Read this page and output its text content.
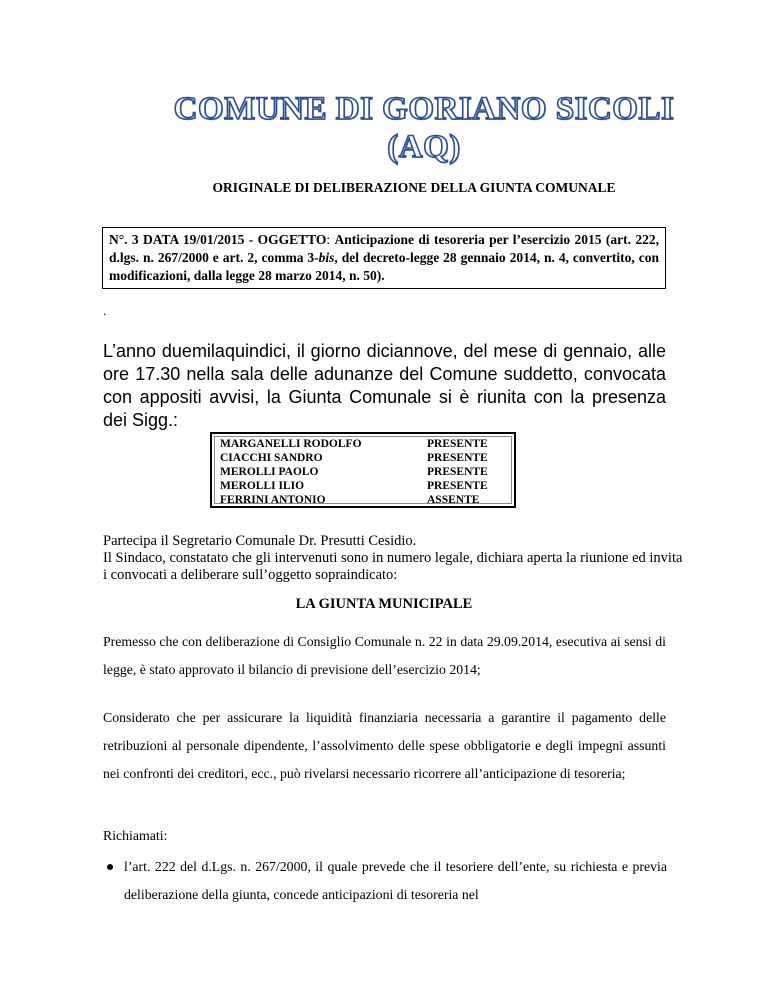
COMUNE DI GORIANO SICOLI
(AQ)
ORIGINALE DI DELIBERAZIONE DELLA GIUNTA COMUNALE
N°. 3 DATA 19/01/2015 - OGGETTO: Anticipazione di tesoreria per l’esercizio 2015 (art. 222, d.lgs. n. 267/2000 e art. 2, comma 3-bis, del decreto-legge 28 gennaio 2014, n. 4, convertito, con modificazioni, dalla legge 28 marzo 2014, n. 50).
.
L’anno duemilaquindici, il giorno diciannove, del mese di gennaio, alle ore 17.30 nella sala delle adunanze del Comune suddetto, convocata con appositi avvisi, la Giunta Comunale si è riunita con la presenza dei Sigg.:
MARGANELLI RODOLFO	PRESENTE
CIACCHI SANDRO	PRESENTE
MEROLLI PAOLO	PRESENTE
MEROLLI ILIO	PRESENTE
FERRINI ANTONIO	ASSENTE
Partecipa il Segretario Comunale Dr. Presutti Cesidio.
Il Sindaco, constatato che gli intervenuti sono in numero legale, dichiara aperta la riunione ed invita i convocati a deliberare sull’oggetto sopraindicato:
LA GIUNTA MUNICIPALE
Premesso che con deliberazione di Consiglio Comunale n. 22 in data 29.09.2014, esecutiva ai sensi di legge, è stato approvato il bilancio di previsione dell’esercizio 2014;
Considerato che per assicurare la liquidità finanziaria necessaria a garantire il pagamento delle retribuzioni al personale dipendente, l’assolvimento delle spese obbligatorie e degli impegni assunti nei confronti dei creditori, ecc., può rivelarsi necessario ricorrere all’anticipazione di tesoreria;
Richiamati:
l’art. 222 del d.Lgs. n. 267/2000, il quale prevede che il tesoriere dell’ente, su richiesta e previa deliberazione della giunta, concede anticipazioni di tesoreria nel
